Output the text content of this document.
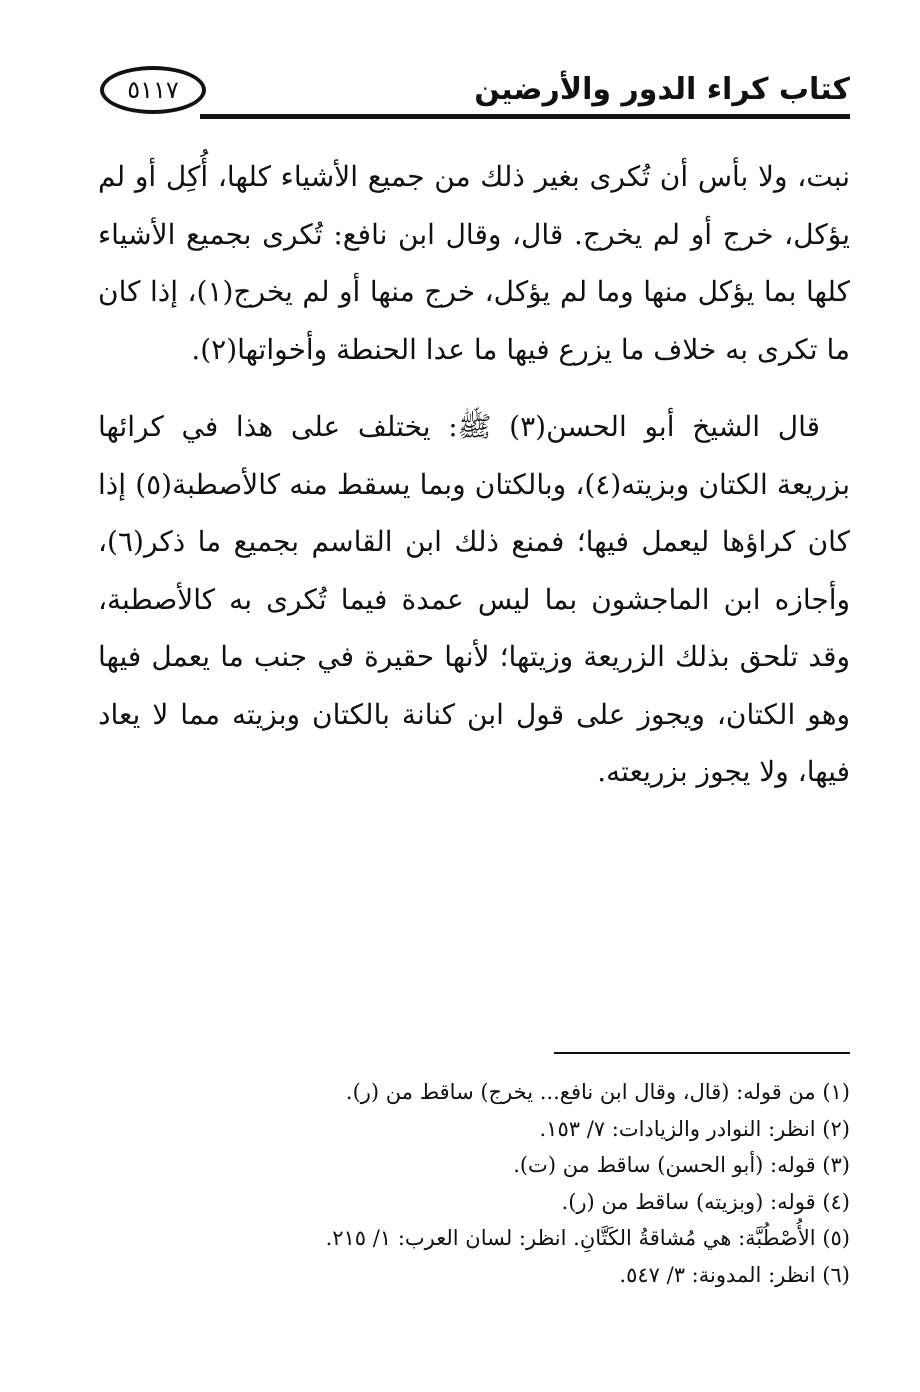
كتاب كراء الدور والأرضين
٥١١٧

نبت، ولا بأس أن تُكرى بغير ذلك من جميع الأشياء كلها، أُكِل أو لم يؤكل، خرج أو لم يخرج. قال، وقال ابن نافع: تُكرى بجميع الأشياء كلها بما يؤكل منها وما لم يؤكل، خرج منها أو لم يخرج(١)، إذا كان ما تكرى به خلاف ما يزرع فيها ما عدا الحنطة وأخواتها(٢).

قال الشيخ أبو الحسن(٣) ﷺ: يختلف على هذا في كرائها بزريعة الكتان وبزيته(٤)، وبالكتان وبما يسقط منه كالأصطبة(٥) إذا كان كراؤها ليعمل فيها؛ فمنع ذلك ابن القاسم بجميع ما ذكر(٦)، وأجازه ابن الماجشون بما ليس عمدة فيما تُكرى به كالأصطبة، وقد تلحق بذلك الزريعة وزيتها؛ لأنها حقيرة في جنب ما يعمل فيها وهو الكتان، ويجوز على قول ابن كنانة بالكتان وبزيته مما لا يعاد فيها، ولا يجوز بزريعته.

(١) من قوله: (قال، وقال ابن نافع... يخرج) ساقط من (ر).
(٢) انظر: النوادر والزيادات: ٧/ ١٥٣.
(٣) قوله: (أبو الحسن) ساقط من (ت).
(٤) قوله: (وبزيته) ساقط من (ر).
(٥) الأُصْطُبَّة: هي مُشاقةُ الكَتَّانِ. انظر: لسان العرب: ١/ ٢١٥.
(٦) انظر: المدونة: ٣/ ٥٤٧.
